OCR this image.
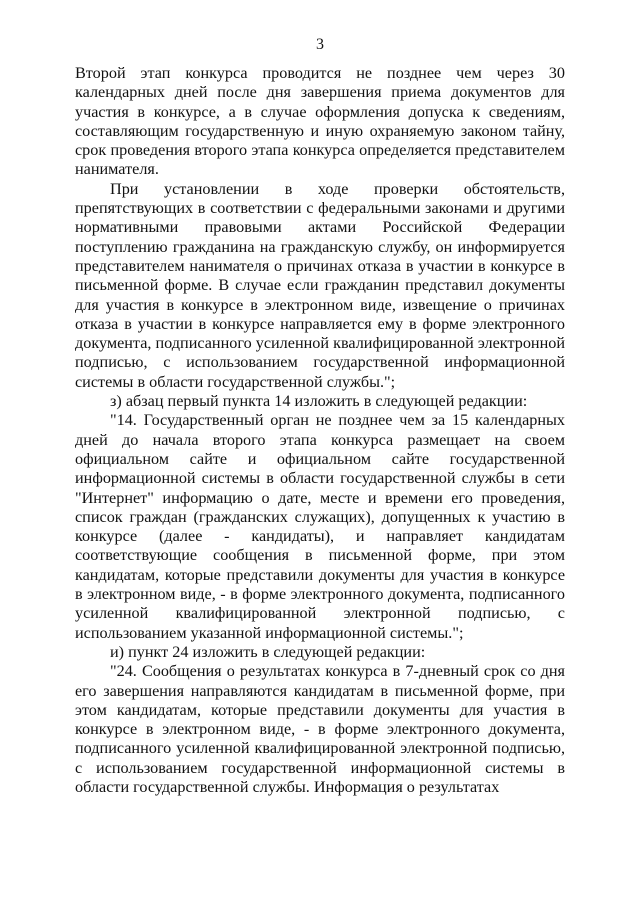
3

Второй этап конкурса проводится не позднее чем через 30 календарных дней после дня завершения приема документов для участия в конкурсе, а в случае оформления допуска к сведениям, составляющим государственную и иную охраняемую законом тайну, срок проведения второго этапа конкурса определяется представителем нанимателя.

При установлении в ходе проверки обстоятельств, препятствующих в соответствии с федеральными законами и другими нормативными правовыми актами Российской Федерации поступлению гражданина на гражданскую службу, он информируется представителем нанимателя о причинах отказа в участии в конкурсе в письменной форме. В случае если гражданин представил документы для участия в конкурсе в электронном виде, извещение о причинах отказа в участии в конкурсе направляется ему в форме электронного документа, подписанного усиленной квалифицированной электронной подписью, с использованием государственной информационной системы в области государственной службы.";

з) абзац первый пункта 14 изложить в следующей редакции:

"14. Государственный орган не позднее чем за 15 календарных дней до начала второго этапа конкурса размещает на своем официальном сайте и официальном сайте государственной информационной системы в области государственной службы в сети "Интернет" информацию о дате, месте и времени его проведения, список граждан (гражданских служащих), допущенных к участию в конкурсе (далее - кандидаты), и направляет кандидатам соответствующие сообщения в письменной форме, при этом кандидатам, которые представили документы для участия в конкурсе в электронном виде, - в форме электронного документа, подписанного усиленной квалифицированной электронной подписью, с использованием указанной информационной системы.";

и) пункт 24 изложить в следующей редакции:

"24. Сообщения о результатах конкурса в 7-дневный срок со дня его завершения направляются кандидатам в письменной форме, при этом кандидатам, которые представили документы для участия в конкурсе в электронном виде, - в форме электронного документа, подписанного усиленной квалифицированной электронной подписью, с использованием государственной информационной системы в области государственной службы. Информация о результатах
